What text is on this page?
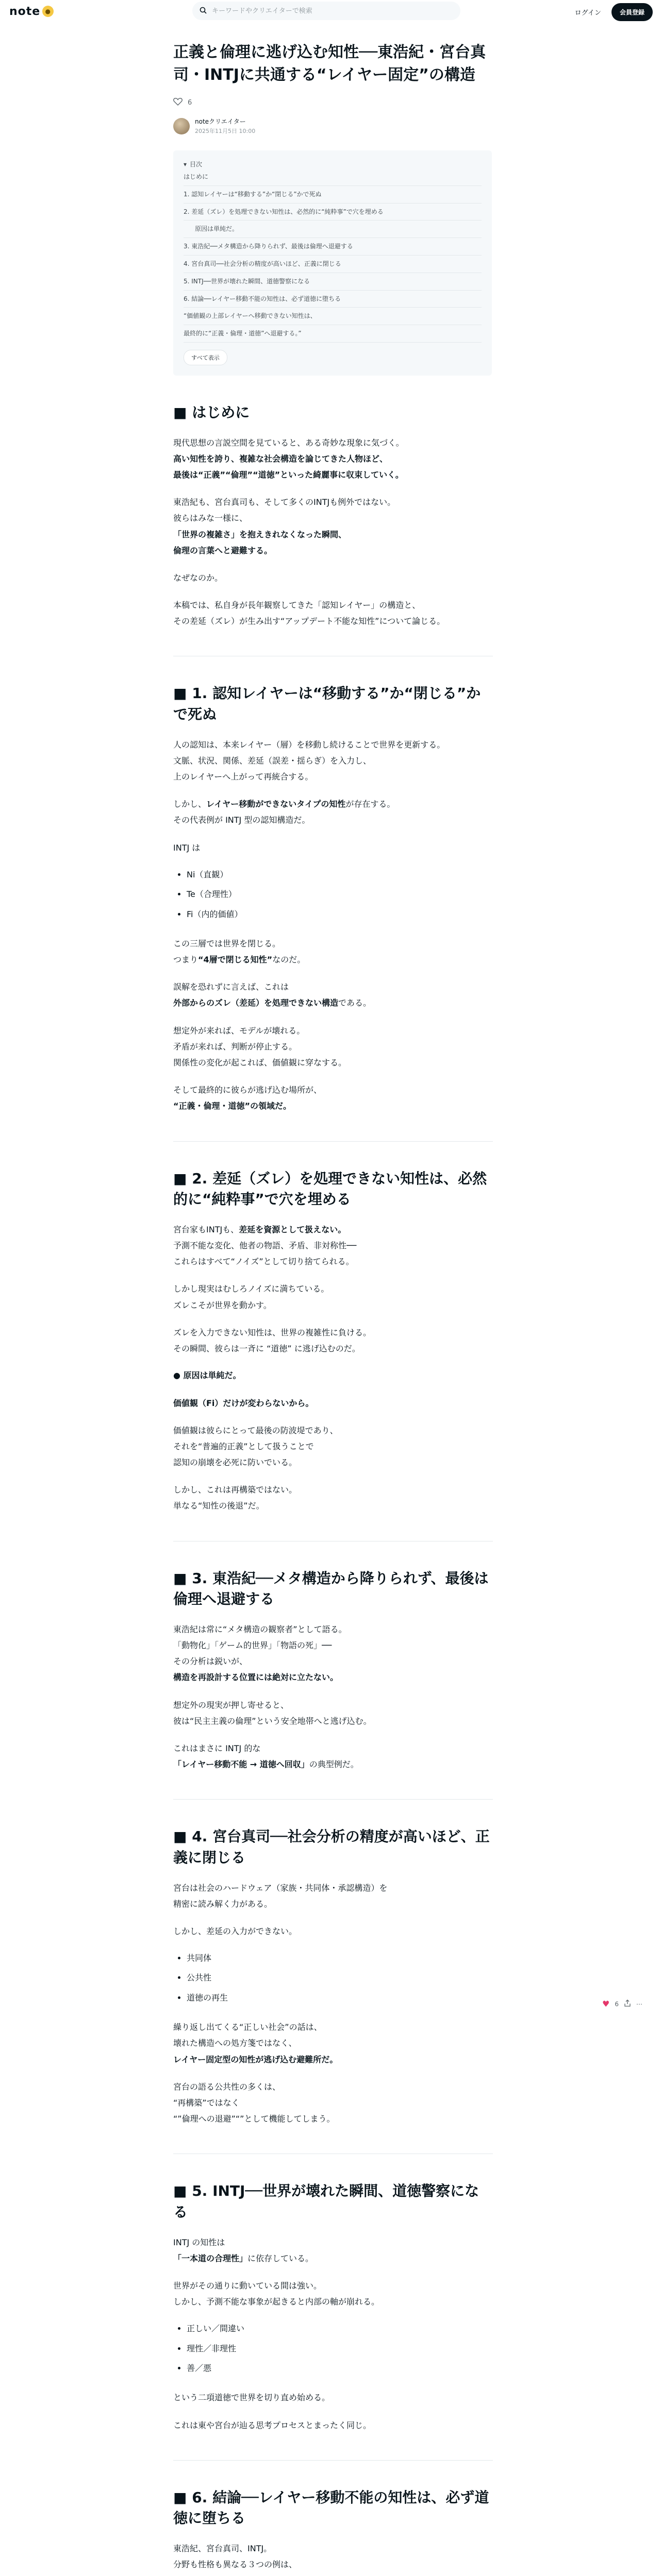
note ●
キーワードやクリエイターで検索	ログイン	会員登録
正義と倫理に逃げ込む知性──東浩紀・宮台真司・INTJに共通する“レイヤー固定”の構造
6
noteクリエイター
2025年11月5日 10:00
▾ 目次
はじめに
1. 認知レイヤーは“移動する”か“閉じる”かで死ぬ
2. 差延（ズレ）を処理できない知性は、必然的に“純粋事”で穴を埋める
原因は単純だ。
3. 東浩紀──メタ構造から降りられず、最後は倫理へ退避する
4. 宮台真司──社会分析の精度が高いほど、正義に閉じる
5. INTJ──世界が壊れた瞬間、道徳警察になる
6. 結論──レイヤー移動不能の知性は、必ず道徳に堕ちる
“価値観の上部レイヤーへ移動できない知性は、
最終的に“正義・倫理・道徳”へ退避する。”
すべて表示
■ はじめに

現代思想の言説空間を見ていると、ある奇妙な現象に気づく。
高い知性を誇り、複雑な社会構造を論じてきた人物ほど、
最後は“正義”“倫理”“道徳”といった綺麗事に収束していく。

東浩紀も、宮台真司も、そして多くのINTJも例外ではない。
彼らはみな一様に、
「世界の複雑さ」を抱えきれなくなった瞬間、
倫理の言葉へと避難する。

なぜなのか。

本稿では、私自身が長年観察してきた「認知レイヤー」の構造と、
その差延（ズレ）が生み出す“アップデート不能な知性”について論じる。

■ 1. 認知レイヤーは“移動する”か“閉じる”かで死ぬ

人の認知は、本来レイヤー（層）を移動し続けることで世界を更新する。
文脈、状況、関係、差延（誤差・揺らぎ）を入力し、
上のレイヤーへ上がって再統合する。

しかし、レイヤー移動ができないタイプの知性が存在する。
その代表例が INTJ 型の認知構造だ。

INTJ は

• Ni（直観）
• Te（合理性）
• Fi（内的価値）

この三層では世界を閉じる。
つまり“4層で閉じる知性”なのだ。

誤解を恐れずに言えば、これは
外部からのズレ（差延）を処理できない構造である。

想定外が来れば、モデルが壊れる。
矛盾が来れば、判断が停止する。
関係性の変化が起これば、価値観に穿なする。

そして最終的に彼らが逃げ込む場所が、
“正義・倫理・道徳”の領域だ。

■ 2. 差延（ズレ）を処理できない知性は、必然的に“純粋事”で穴を埋める

宮台家もINTJも、差延を資源として扱えない。
予測不能な変化、他者の物語、矛盾、非対称性──
これらはすべて“ノイズ”として切り捨てられる。

しかし現実はむしろノイズに満ちている。
ズレこそが世界を動かす。

ズレを入力できない知性は、世界の複雑性に負ける。
その瞬間、彼らは一斉に “道徳” に逃げ込むのだ。

● 原因は単純だ。

価値観（Fi）だけが変わらないから。

価値観は彼らにとって最後の防波堤であり、
それを“普遍的正義”として扱うことで
認知の崩壊を必死に防いでいる。

しかし、これは再構築ではない。
単なる“知性の後退”だ。

■ 3. 東浩紀──メタ構造から降りられず、最後は倫理へ退避する

東浩紀は常に“メタ構造の観察者”として語る。
「動物化」「ゲーム的世界」「物語の死」──
その分析は鋭いが、
構造を再設計する位置には絶対に立たない。

想定外の現実が押し寄せると、
彼は“民主主義の倫理”という安全地帯へと逃げ込む。

これはまさに INTJ 的な
「レイヤー移動不能 → 道徳へ回収」の典型例だ。

■ 4. 宮台真司──社会分析の精度が高いほど、正義に閉じる

宮台は社会のハードウェア（家族・共同体・承認構造）を
精密に読み解く力がある。

しかし、差延の入力ができない。

• 共同体
• 公共性
• 道徳の再生

繰り返し出てくる“正しい社会”の話は、
壊れた構造への処方箋ではなく、
レイヤー固定型の知性が逃げ込む避難所だ。

宮台の語る公共性の多くは、
“再構築”ではなく
“”倫理への退避”“”として機能してしまう。

■ 5. INTJ──世界が壊れた瞬間、道徳警察になる

INTJ の知性は
「一本道の合理性」に依存している。

世界がその通りに動いている間は強い。
しかし、予測不能な事象が起きると内部の軸が崩れる。

• 正しい／間違い
• 理性／非理性
• 善／悪

という二項道徳で世界を切り直め始める。

これは東や宮台が辿る思考プロセスとまったく同じ。

■ 6. 結論──レイヤー移動不能の知性は、必ず道徳に堕ちる

東浩紀、宮台真司、INTJ。
分野も性格も異なる３つの例は、

♥ 6	⋯
